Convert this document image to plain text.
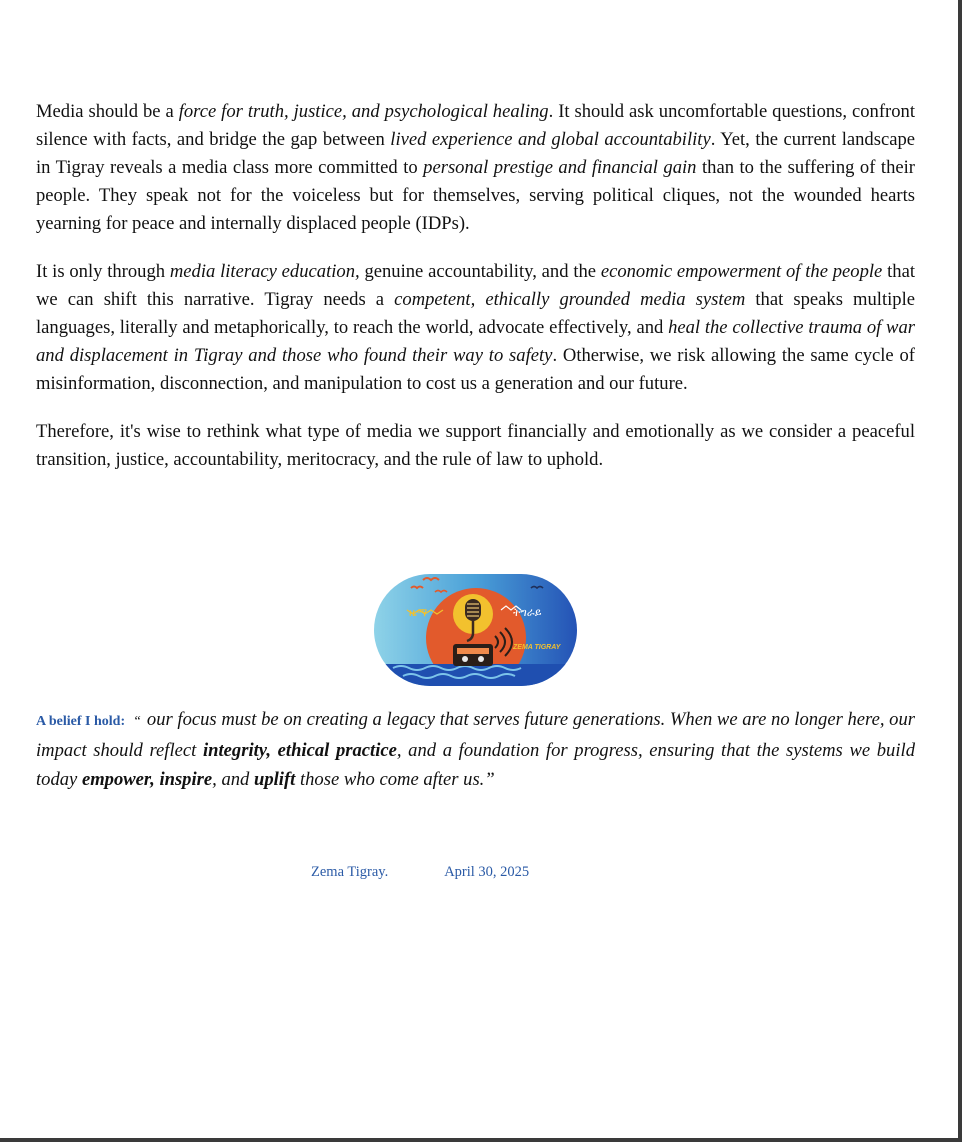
Media should be a force for truth, justice, and psychological healing. It should ask uncomfortable questions, confront silence with facts, and bridge the gap between lived experience and global accountability. Yet, the current landscape in Tigray reveals a media class more committed to personal prestige and financial gain than to the suffering of their people. They speak not for the voiceless but for themselves, serving political cliques, not the wounded hearts yearning for peace and internally displaced people (IDPs).

It is only through media literacy education, genuine accountability, and the economic empowerment of the people that we can shift this narrative. Tigray needs a competent, ethically grounded media system that speaks multiple languages, literally and metaphorically, to reach the world, advocate effectively, and heal the collective trauma of war and displacement in Tigray and those who found their way to safety. Otherwise, we risk allowing the same cycle of misinformation, disconnection, and manipulation to cost us a generation and our future.

Therefore, it's wise to rethink what type of media we support financially and emotionally as we consider a peaceful transition, justice, accountability, meritocracy, and the rule of law to uphold.

ዜማ	ትግራይ
ZEMA TIGRAY
A belief I hold: “ our focus must be on creating a legacy that serves future generations. When we are no longer here, our impact should reflect integrity, ethical practice, and a foundation for progress, ensuring that the systems we build today empower, inspire, and uplift those who come after us.”
Zema Tigray.	April 30, 2025
